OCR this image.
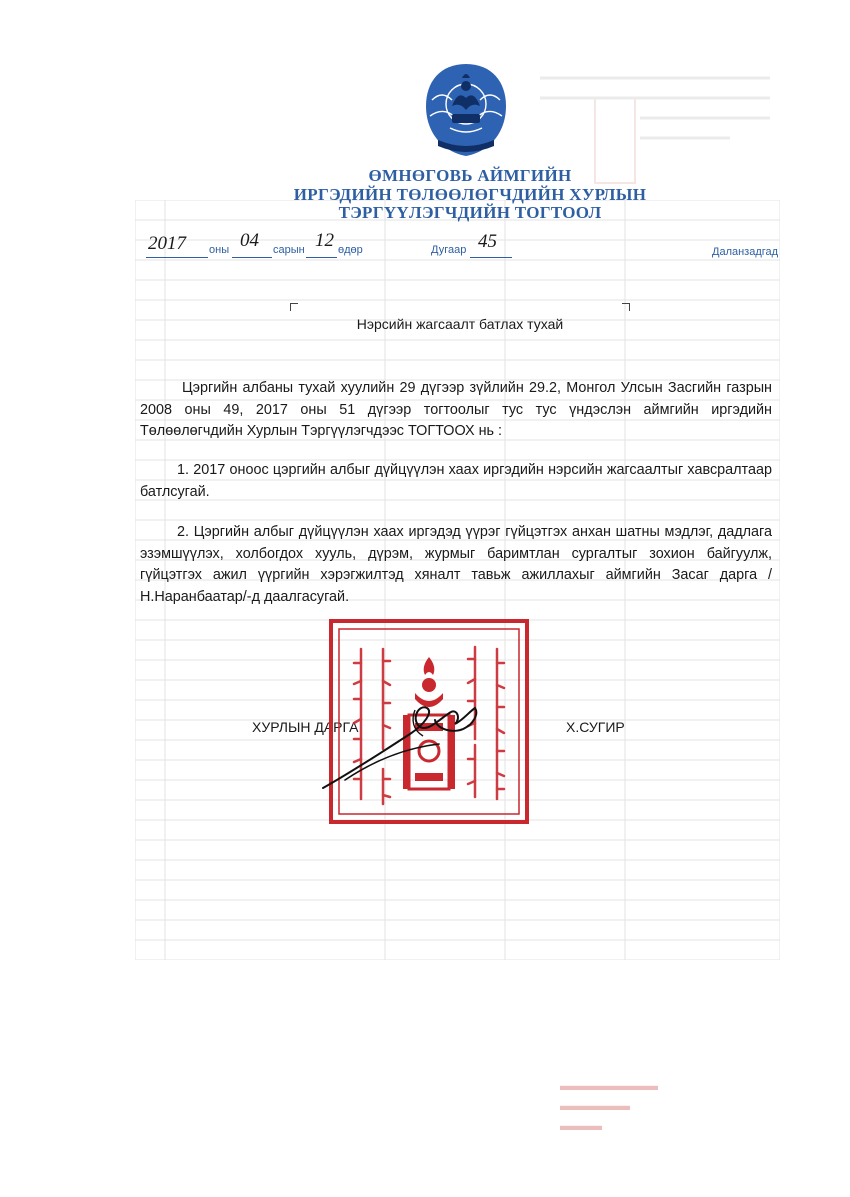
▬▬▬▬▬▬▬
▬▬▬▬▬
▬▬▬
ӨМНӨГОВЬ АЙМГИЙН
ИРГЭДИЙН ТӨЛӨӨЛӨГЧДИЙН ХУРЛЫН
ТЭРГҮҮЛЭГЧДИЙН ТОГТООЛ
2017 оны 04 сарын 12 өдөр	Дугаар 45	Даланзадгад
Нэрсийн жагсаалт батлах тухай
Цэргийн албаны тухай хуулийн 29 дүгээр зүйлийн 29.2, Монгол Улсын Засгийн газрын 2008 оны 49, 2017 оны 51 дүгээр тогтоолыг тус тус үндэслэн аймгийн иргэдийн Төлөөлөгчдийн Хурлын Тэргүүлэгчдээс ТОГТООХ нь :
1. 2017 оноос цэргийн албыг дүйцүүлэн хаах иргэдийн нэрсийн жагсаалтыг хавсралтаар батлсугай.
2. Цэргийн албыг дүйцүүлэн хаах иргэдэд үүрэг гүйцэтгэх анхан шатны мэдлэг, дадлага эзэмшүүлэх, холбогдох хууль, дүрэм, журмыг баримтлан сургалтыг зохион байгуулж, гүйцэтгэх ажил үүргийн хэрэгжилтэд хяналт тавьж ажиллахыг аймгийн Засаг дарга /Н.Наранбаатар/-д даалгасугай.
ХУРЛЫН ДАРГА	Х.СУГИР
